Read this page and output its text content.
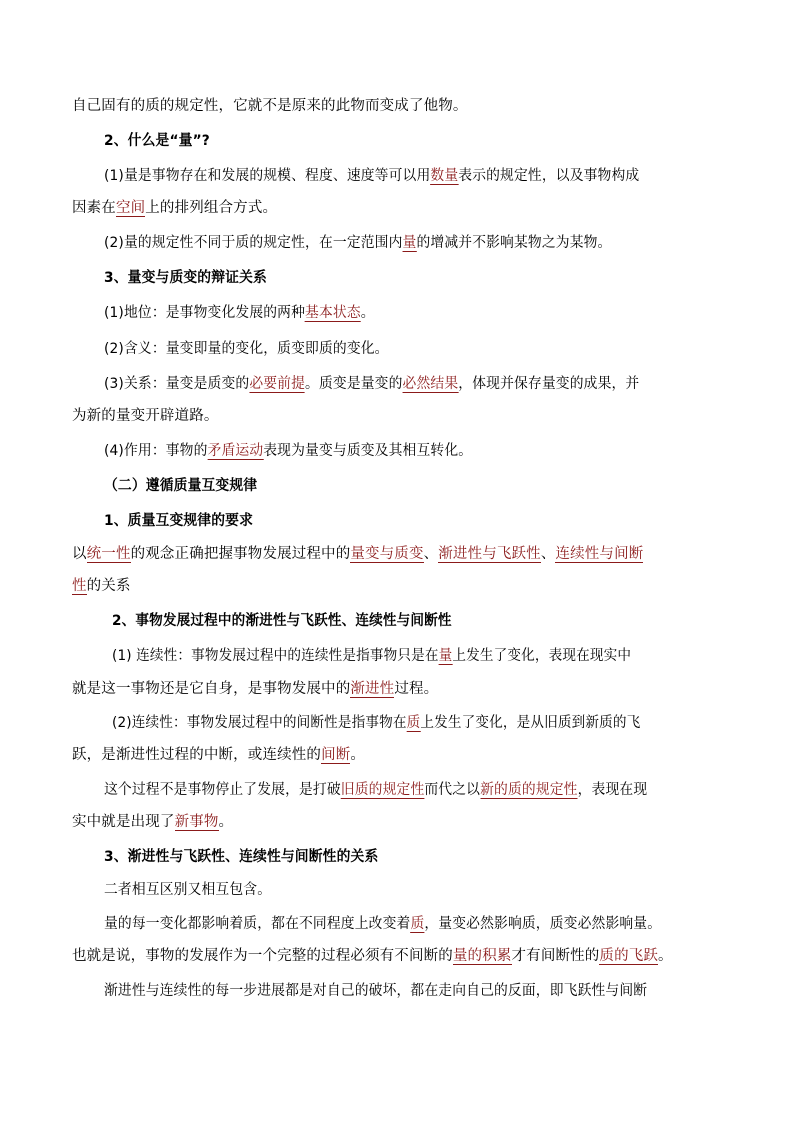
自己固有的质的规定性，它就不是原来的此物而变成了他物。
2、什么是“量”?
(1)量是事物存在和发展的规模、程度、速度等可以用数量表示的规定性，以及事物构成
因素在空间上的排列组合方式。
(2)量的规定性不同于质的规定性，在一定范围内量的增减并不影响某物之为某物。
3、量变与质变的辩证关系
(1)地位：是事物变化发展的两种基本状态。
(2)含义：量变即量的变化，质变即质的变化。
(3)关系：量变是质变的必要前提。质变是量变的必然结果，体现并保存量变的成果，并
为新的量变开辟道路。
(4)作用：事物的矛盾运动表现为量变与质变及其相互转化。
（二）遵循质量互变规律
1、质量互变规律的要求
以统一性的观念正确把握事物发展过程中的量变与质变、渐进性与飞跃性、连续性与间断
性的关系
2、事物发展过程中的渐进性与飞跃性、连续性与间断性
(1) 连续性：事物发展过程中的连续性是指事物只是在量上发生了变化，表现在现实中
就是这一事物还是它自身，是事物发展中的渐进性过程。
(2)连续性：事物发展过程中的间断性是指事物在质上发生了变化，是从旧质到新质的飞
跃，是渐进性过程的中断，或连续性的间断。
这个过程不是事物停止了发展，是打破旧质的规定性而代之以新的质的规定性，表现在现
实中就是出现了新事物。
3、渐进性与飞跃性、连续性与间断性的关系
二者相互区别又相互包含。
量的每一变化都影响着质，都在不同程度上改变着质，量变必然影响质，质变必然影响量。
也就是说，事物的发展作为一个完整的过程必须有不间断的量的积累才有间断性的质的飞跃。
渐进性与连续性的每一步进展都是对自己的破坏，都在走向自己的反面，即飞跃性与间断
